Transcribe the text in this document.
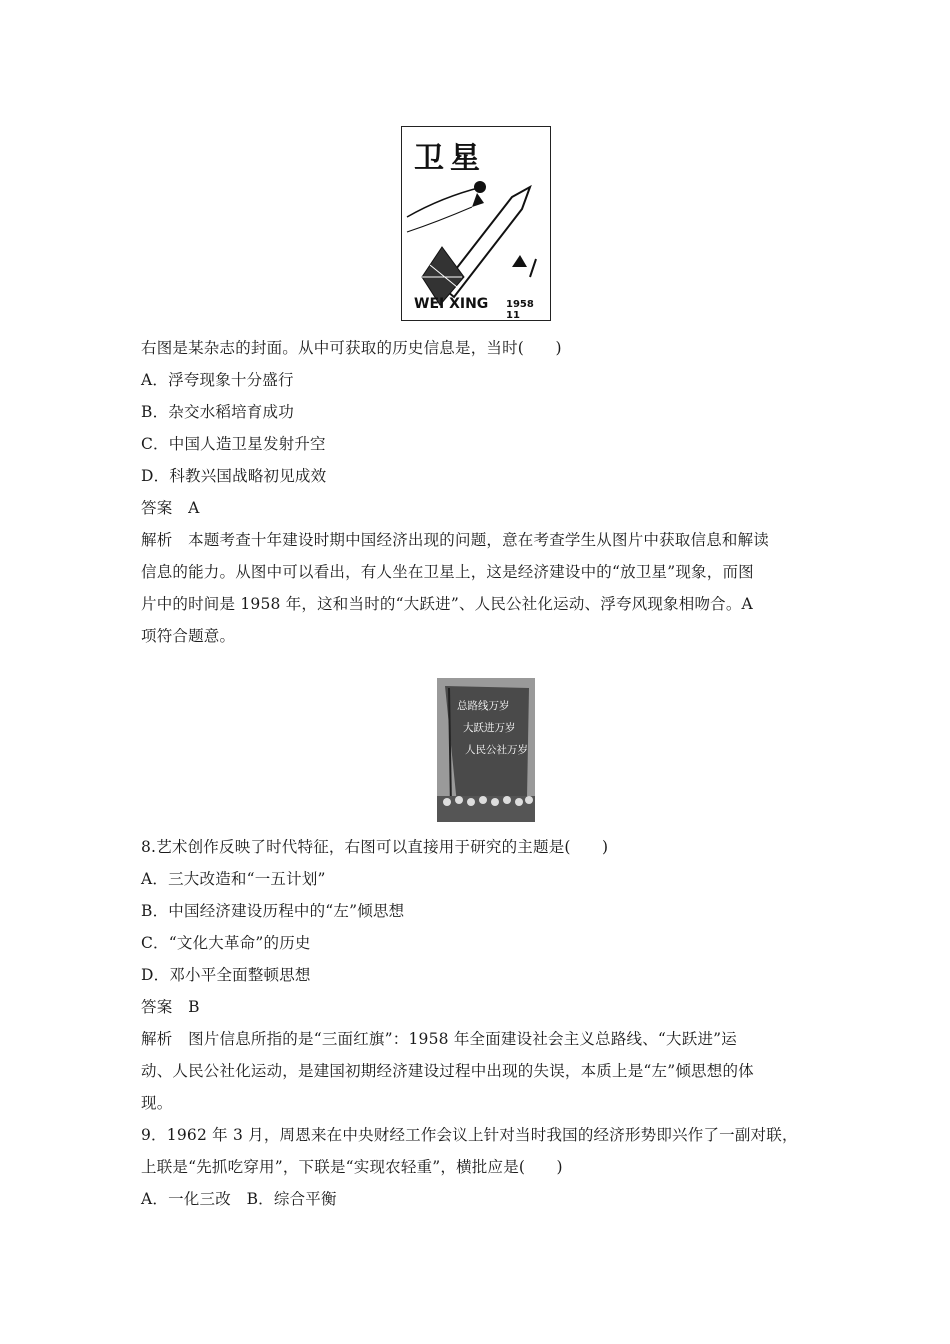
卫星
WEI XING 1958 11
右图是某杂志的封面。从中可获取的历史信息是，当时(　　)
A．浮夸现象十分盛行
B．杂交水稻培育成功
C．中国人造卫星发射升空
D．科教兴国战略初见成效
答案　A
解析　本题考查十年建设时期中国经济出现的问题，意在考查学生从图片中获取信息和解读
信息的能力。从图中可以看出，有人坐在卫星上，这是经济建设中的“放卫星”现象，而图
片中的时间是 1958 年，这和当时的“大跃进”、人民公社化运动、浮夸风现象相吻合。A
项符合题意。
总路线万岁
大跃进万岁
人民公社万岁
8.艺术创作反映了时代特征，右图可以直接用于研究的主题是(　　)
A．三大改造和“一五计划”
B．中国经济建设历程中的“左”倾思想
C．“文化大革命”的历史
D．邓小平全面整顿思想
答案　B
解析　图片信息所指的是“三面红旗”：1958 年全面建设社会主义总路线、“大跃进”运
动、人民公社化运动，是建国初期经济建设过程中出现的失误，本质上是“左”倾思想的体
现。
9．1962 年 3 月，周恩来在中央财经工作会议上针对当时我国的经济形势即兴作了一副对联，
上联是“先抓吃穿用”，下联是“实现农轻重”，横批应是(　　)
A．一化三改　B．综合平衡
